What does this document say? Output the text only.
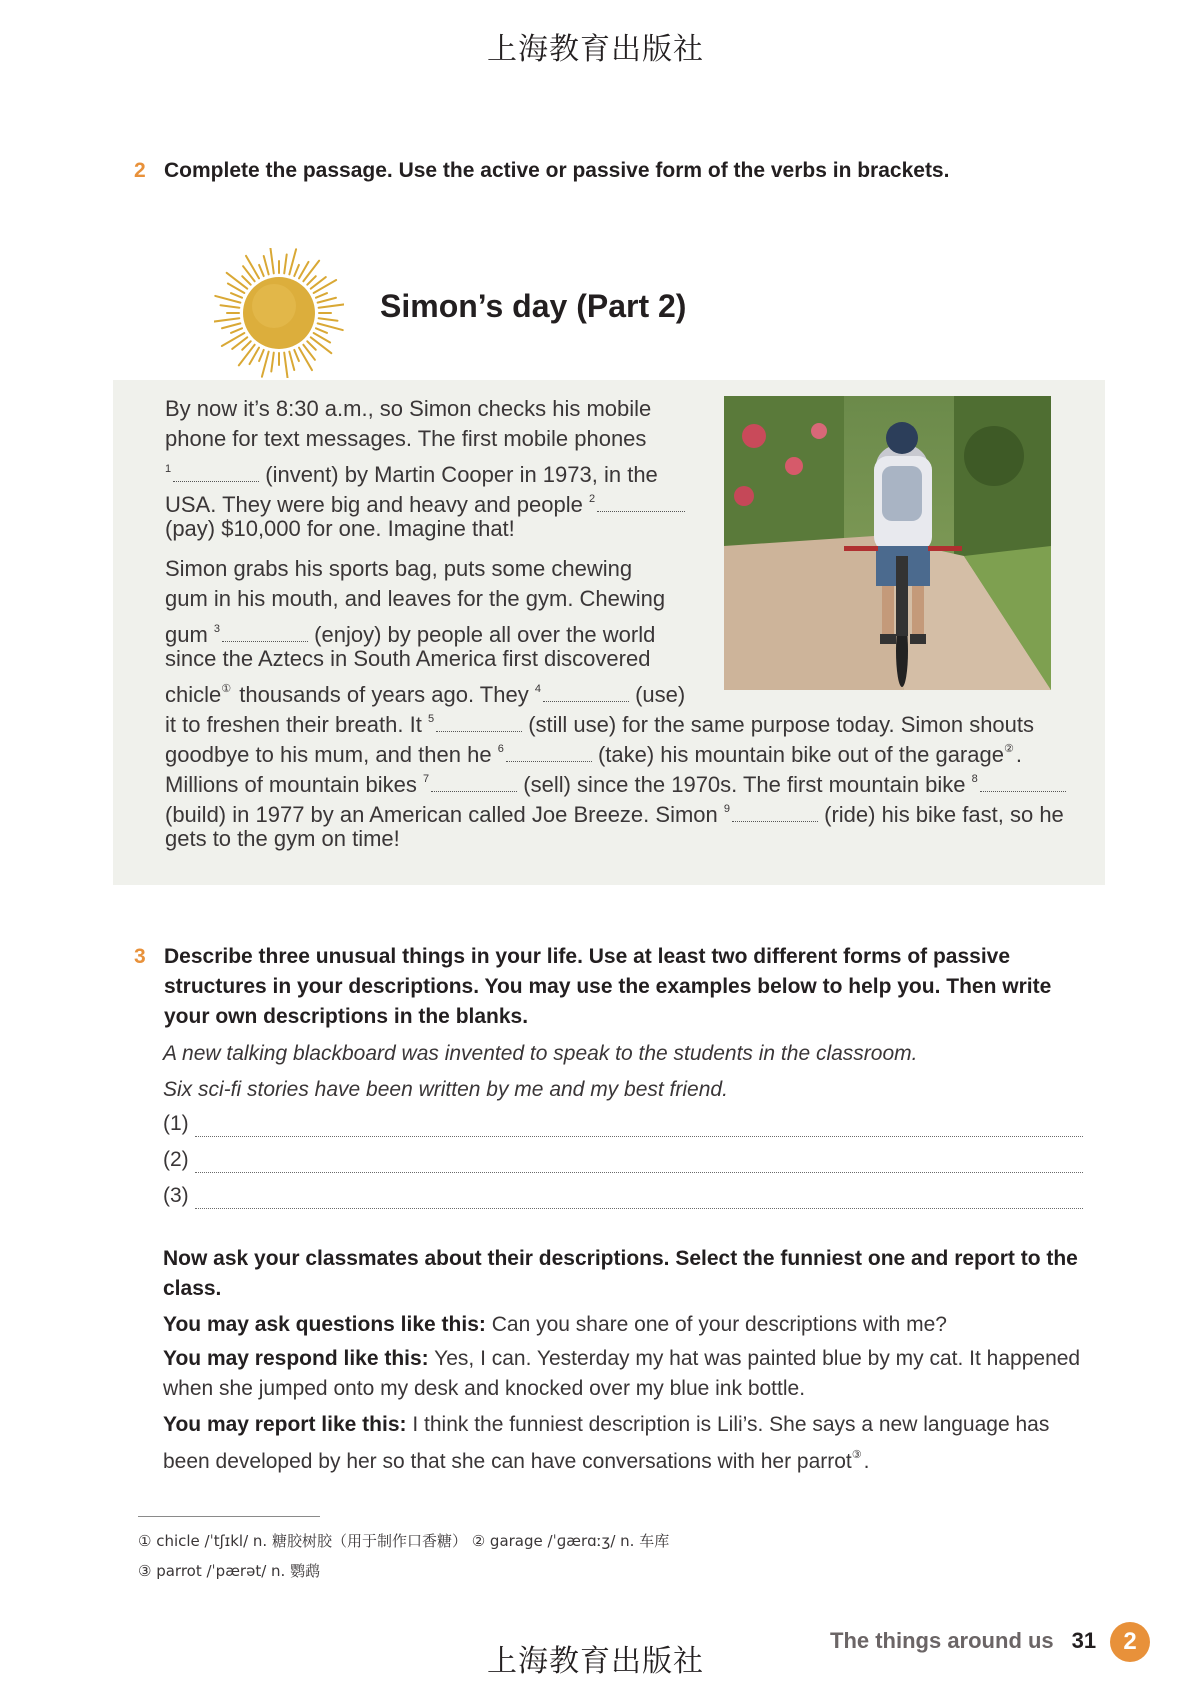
上海教育出版社
2 Complete the passage. Use the active or passive form of the verbs in brackets.
Simon’s day (Part 2)
By now it’s 8:30 a.m., so Simon checks his mobile
phone for text messages. The first mobile phones
$^1$	(invent) by Martin Cooper in 1973, in the
USA. They were big and heavy and people $^2$
(pay) $10,000 for one. Imagine that!
Simon grabs his sports bag, puts some chewing
gum in his mouth, and leaves for the gym. Chewing
gum $^3$	(enjoy) by people all over the world
since the Aztecs in South America first discovered
chicle① thousands of years ago. They $^4$	(use)
it to freshen their breath. It $^5$	(still use) for the same purpose today. Simon shouts
goodbye to his mum, and then he $^6$	(take) his mountain bike out of the garage②.
Millions of mountain bikes $^7$	(sell) since the 1970s. The first mountain bike $^8$
(build) in 1977 by an American called Joe Breeze. Simon $^9$	(ride) his bike fast, so he
gets to the gym on time!
3 Describe three unusual things in your life. Use at least two different forms of passive structures in your descriptions. You may use the examples below to help you. Then write your own descriptions in the blanks.
A new talking blackboard was invented to speak to the students in the classroom.
Six sci-fi stories have been written by me and my best friend.
(1)
(2)
(3)
Now ask your classmates about their descriptions. Select the funniest one and report to the class.
You may ask questions like this: Can you share one of your descriptions with me?
You may respond like this: Yes, I can. Yesterday my hat was painted blue by my cat. It happened when she jumped onto my desk and knocked over my blue ink bottle.
You may report like this: I think the funniest description is Lili’s. She says a new language has been developed by her so that she can have conversations with her parrot③.
① chicle /ˈtʃɪkl/ n. 糖胶树胶（用于制作口香糖） ② garage /ˈɡærɑːʒ/ n. 车库
③ parrot /ˈpærət/ n. 鹦鹉
上海教育出版社
The things around us 31	2
